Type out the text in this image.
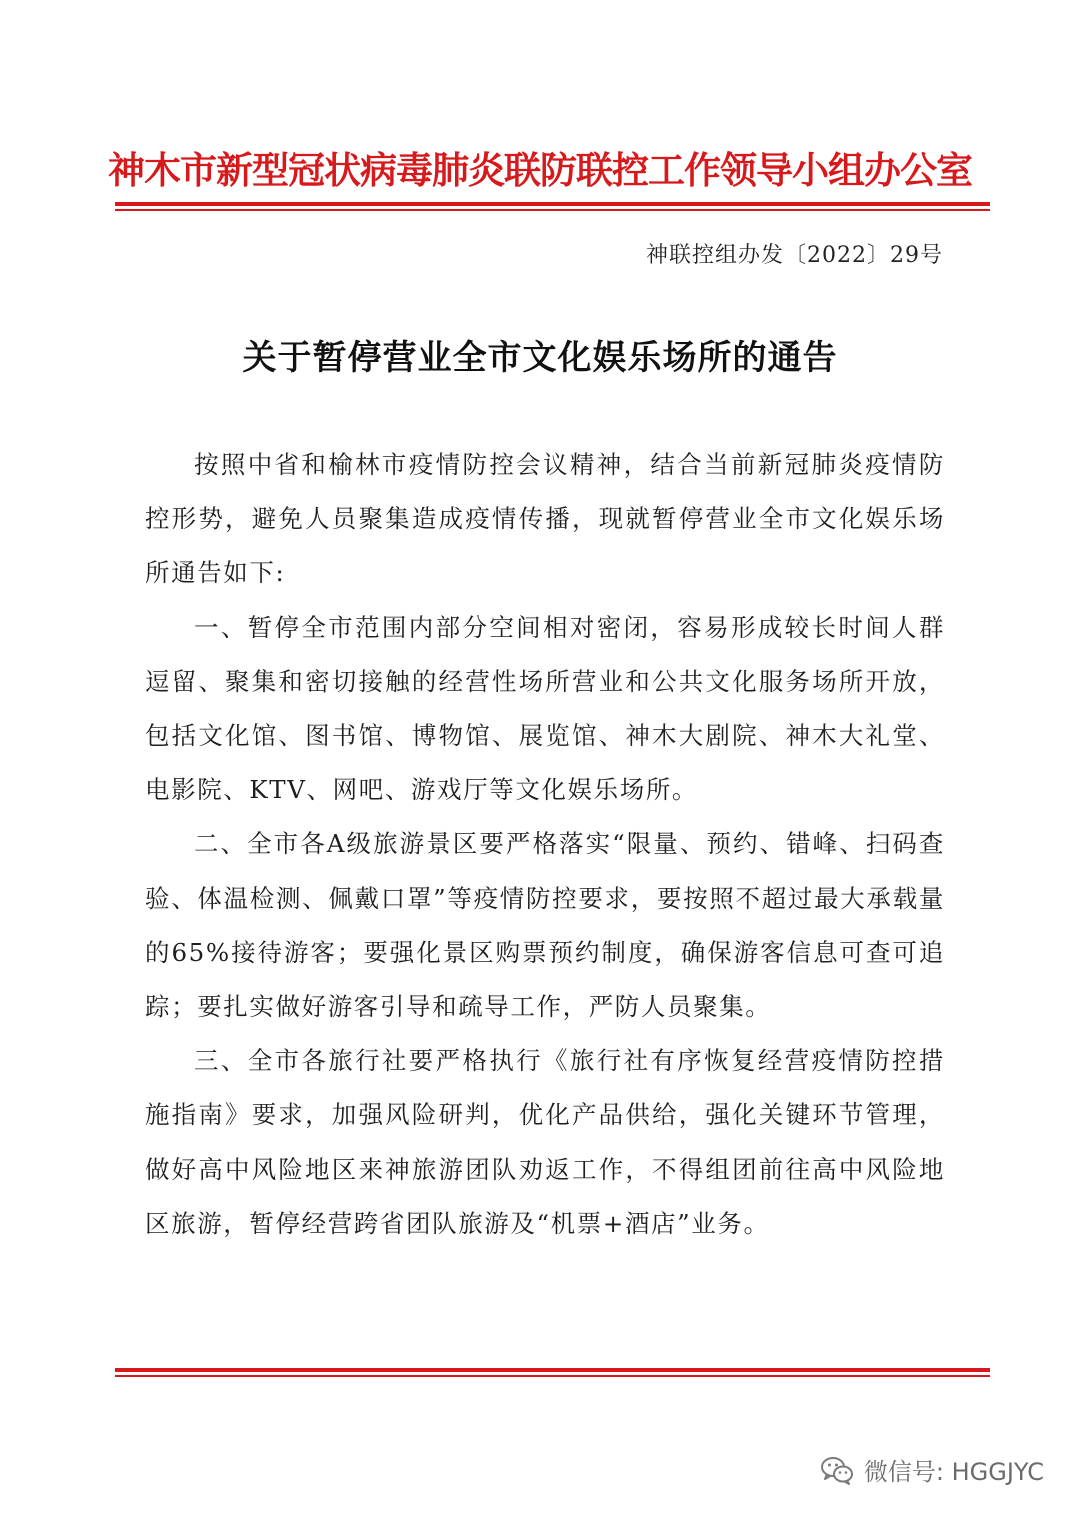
神木市新型冠状病毒肺炎联防联控工作领导小组办公室
神联控组办发〔2022〕29号
关于暂停营业全市文化娱乐场所的通告

按照中省和榆林市疫情防控会议精神，结合当前新冠肺炎疫情防控形势，避免人员聚集造成疫情传播，现就暂停营业全市文化娱乐场所通告如下:

一、暂停全市范围内部分空间相对密闭，容易形成较长时间人群逗留、聚集和密切接触的经营性场所营业和公共文化服务场所开放，包括文化馆、图书馆、博物馆、展览馆、神木大剧院、神木大礼堂、电影院、KTV、网吧、游戏厅等文化娱乐场所。

二、全市各A级旅游景区要严格落实“限量、预约、错峰、扫码查验、体温检测、佩戴口罩”等疫情防控要求，要按照不超过最大承载量的65%接待游客；要强化景区购票预约制度，确保游客信息可查可追踪；要扎实做好游客引导和疏导工作，严防人员聚集。

三、全市各旅行社要严格执行《旅行社有序恢复经营疫情防控措施指南》要求，加强风险研判，优化产品供给，强化关键环节管理，做好高中风险地区来神旅游团队劝返工作，不得组团前往高中风险地区旅游，暂停经营跨省团队旅游及“机票+酒店”业务。

微信号: HGGJYC
